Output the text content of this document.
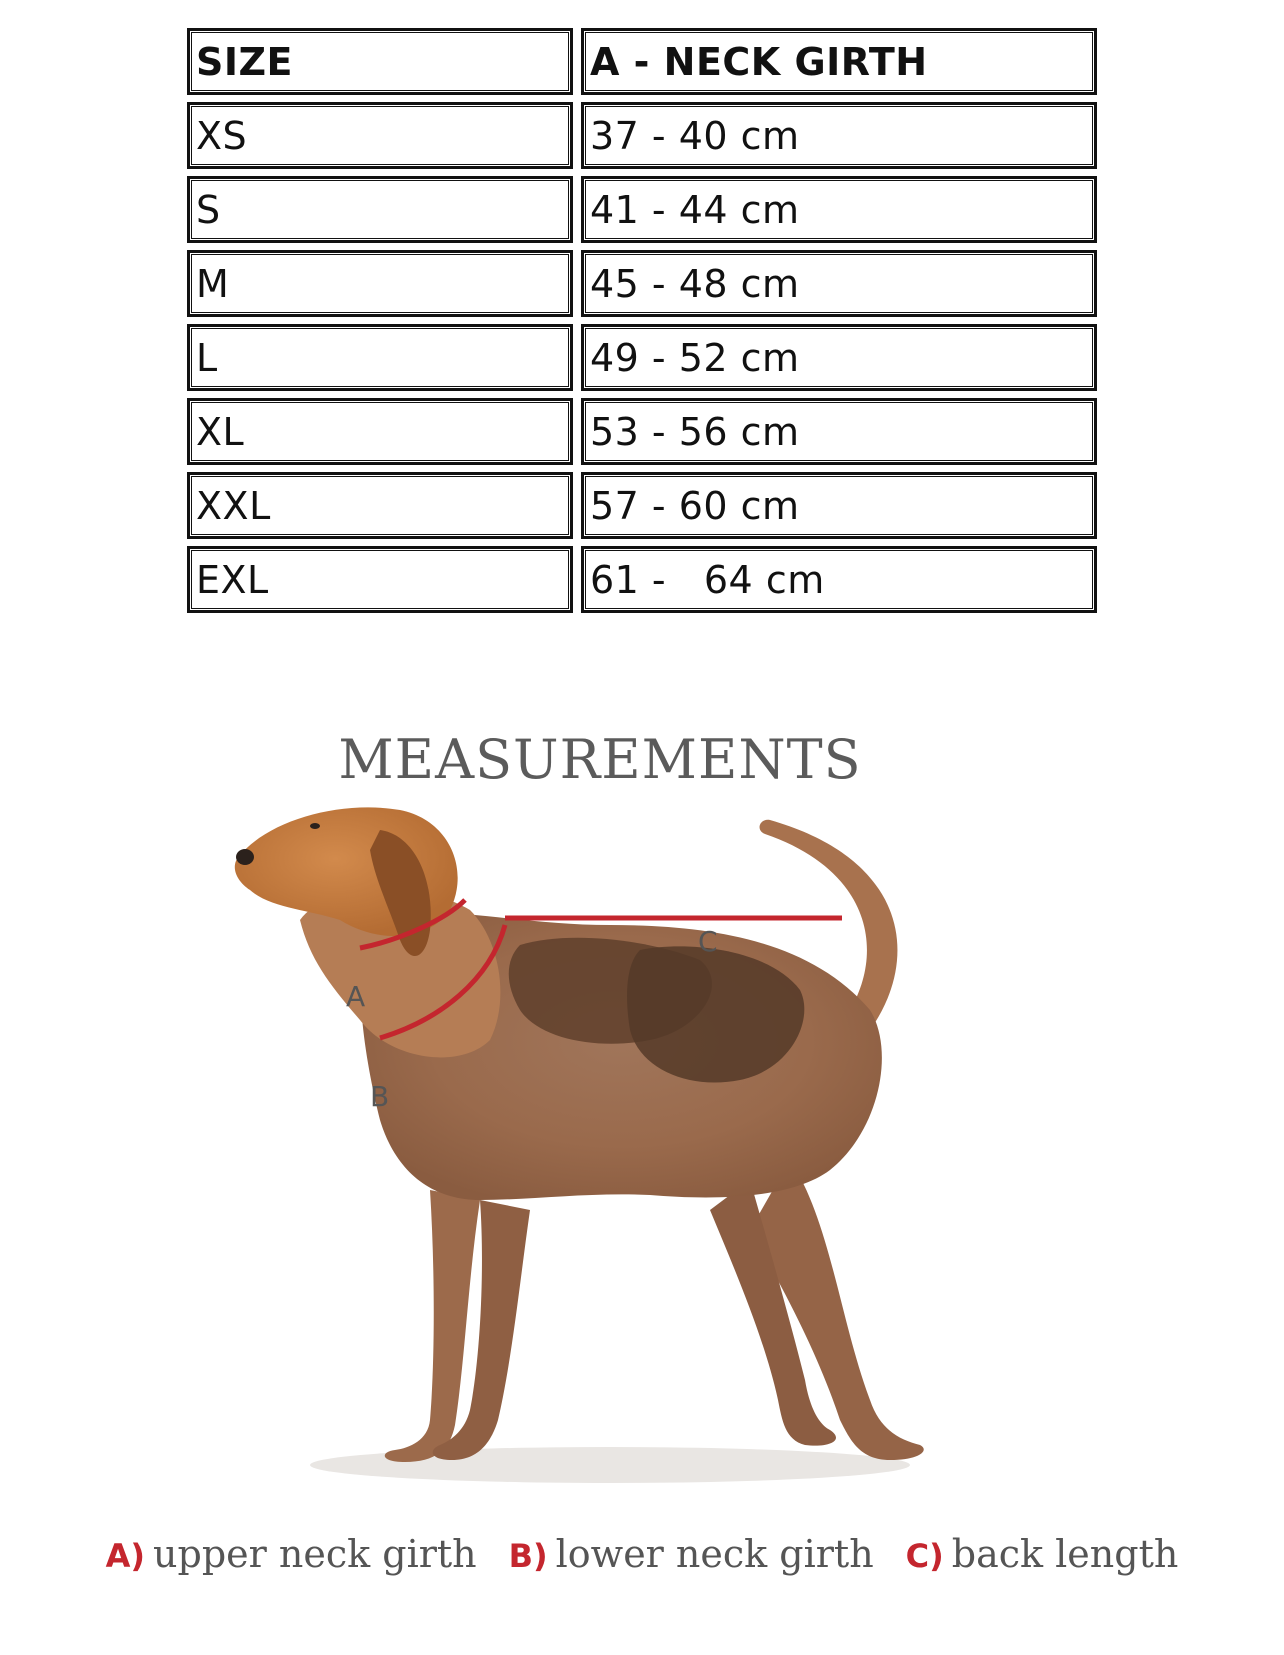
SIZE	A - NECK GIRTH
XS	37 - 40 cm
S	41 - 44 cm
M	45 - 48 cm
L	49 - 52 cm
XL	53 - 56 cm
XXL	57 - 60 cm
EXL	61 -   64 cm
MEASUREMENTS
A
B
C
A) upper neck girth B) lower neck girth C) back length
